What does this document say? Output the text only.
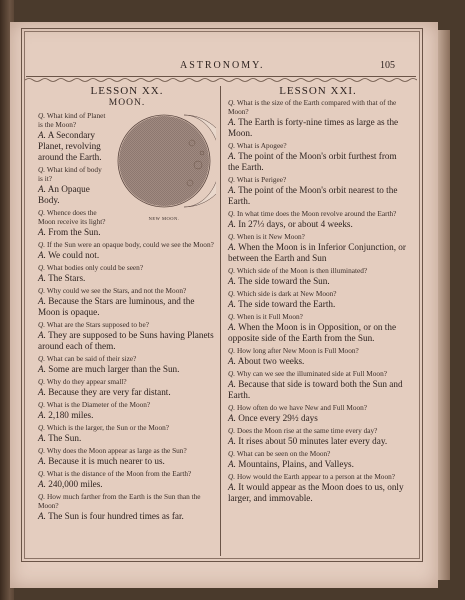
ASTRONOMY.	105
LESSON XX.
MOON.
NEW MOON.
Q. What kind of Planet is the Moon?
A. A Secondary Planet, revolving around the Earth.
Q. What kind of body is it?
A. An Opaque Body.
Q. Whence does the Moon receive its light?
A. From the Sun.
Q. If the Sun were an opaque body, could we see the Moon?
A. We could not.
Q. What bodies only could be seen?
A. The Stars.
Q. Why could we see the Stars, and not the Moon?
A. Because the Stars are luminous, and the Moon is opaque.
Q. What are the Stars supposed to be?
A. They are supposed to be Suns having Planets around each of them.
Q. What can be said of their size?
A. Some are much larger than the Sun.
Q. Why do they appear small?
A. Because they are very far distant.
Q. What is the Diameter of the Moon?
A. 2,180 miles.
Q. Which is the larger, the Sun or the Moon?
A. The Sun.
Q. Why does the Moon appear as large as the Sun?
A. Because it is much nearer to us.
Q. What is the distance of the Moon from the Earth?
A. 240,000 miles.
Q. How much farther from the Earth is the Sun than the Moon?
A. The Sun is four hundred times as far.
LESSON XXI.
Q. What is the size of the Earth compared with that of the Moon?
A. The Earth is forty-nine times as large as the Moon.
Q. What is Apogee?
A. The point of the Moon's orbit furthest from the Earth.
Q. What is Perigee?
A. The point of the Moon's orbit nearest to the Earth.
Q. In what time does the Moon revolve around the Earth?
A. In 27⅓ days, or about 4 weeks.
Q. When is it New Moon?
A. When the Moon is in Inferior Conjunction, or between the Earth and Sun
Q. Which side of the Moon is then illuminated?
A. The side toward the Sun.
Q. Which side is dark at New Moon?
A. The side toward the Earth.
Q. When is it Full Moon?
A. When the Moon is in Opposition, or on the opposite side of the Earth from the Sun.
Q. How long after New Moon is Full Moon?
A. About two weeks.
Q. Why can we see the illuminated side at Full Moon?
A. Because that side is toward both the Sun and Earth.
Q. How often do we have New and Full Moon?
A. Once every 29½ days
Q. Does the Moon rise at the same time every day?
A. It rises about 50 minutes later every day.
Q. What can be seen on the Moon?
A. Mountains, Plains, and Valleys.
Q. How would the Earth appear to a person at the Moon?
A. It would appear as the Moon does to us, only larger, and immovable.
